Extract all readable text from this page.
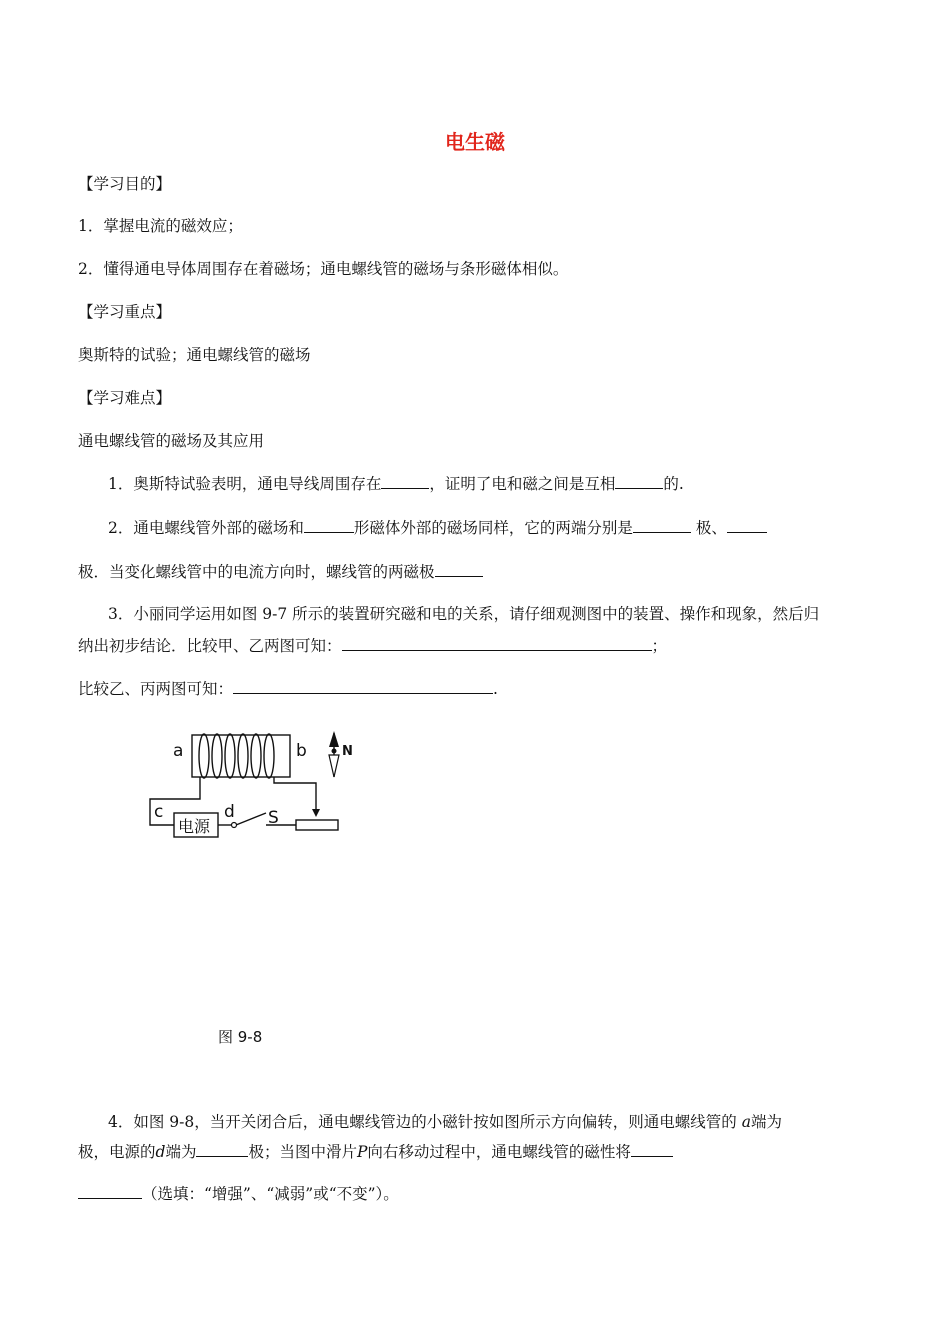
电生磁
【学习目的】
1．掌握电流的磁效应；
2．懂得通电导体周围存在着磁场；通电螺线管的磁场与条形磁体相似。
【学习重点】
奥斯特的试验；通电螺线管的磁场
【学习难点】
通电螺线管的磁场及其应用
1．奥斯特试验表明，通电导线周围存在	，证明了电和磁之间是互相	的.
2．通电螺线管外部的磁场和	形磁体外部的磁场同样，它的两端分别是	极、
极．当变化螺线管中的电流方向时，螺线管的两磁极
3．小丽同学运用如图 9-7 所示的装置研究磁和电的关系，请仔细观测图中的装置、操作和现象，然后归
纳出初步结论．比较甲、乙两图可知：	；
比较乙、丙两图可知：	.
a	b
c	d S
N
电源
图 9-8
4．如图 9-8，当开关闭合后，通电螺线管边的小磁针按如图所示方向偏转，则通电螺线管的 a端为
极，电源的d端为	极；当图中滑片P向右移动过程中，通电螺线管的磁性将
（选填：“增强”、“减弱”或“不变”）。
